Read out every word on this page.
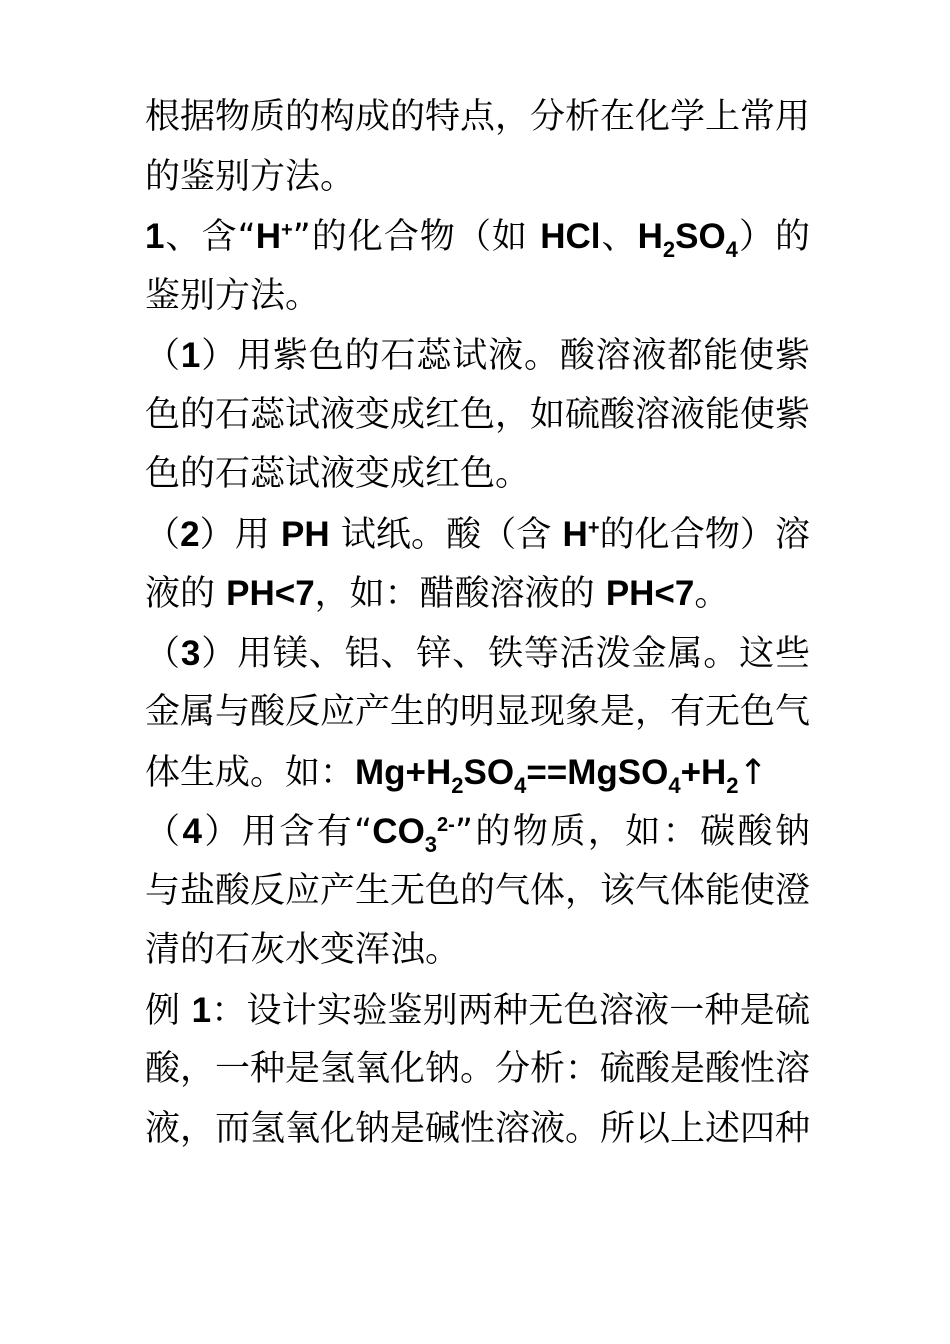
根据物质的构成的特点，分析在化学上常用
的鉴别方法。
1、含“H+”的化合物（如 HCl、$H_2SO_4$）的
鉴别方法。
（1）用紫色的石蕊试液。酸溶液都能使紫
色的石蕊试液变成红色，如硫酸溶液能使紫
色的石蕊试液变成红色。
（2）用 PH 试纸。酸（含 H+的化合物）溶
液的 PH<7，如：醋酸溶液的 PH<7。
（3）用镁、铝、锌、铁等活泼金属。这些
金属与酸反应产生的明显现象是，有无色气
体生成。如：$Mg+H_2SO_4==MgSO_4+H_2↑$
（4）用含有“$CO_3^{2-}$”的物质，如：碳酸钠
与盐酸反应产生无色的气体，该气体能使澄
清的石灰水变浑浊。
例 1：设计实验鉴别两种无色溶液一种是硫
酸，一种是氢氧化钠。分析：硫酸是酸性溶
液，而氢氧化钠是碱性溶液。所以上述四种
